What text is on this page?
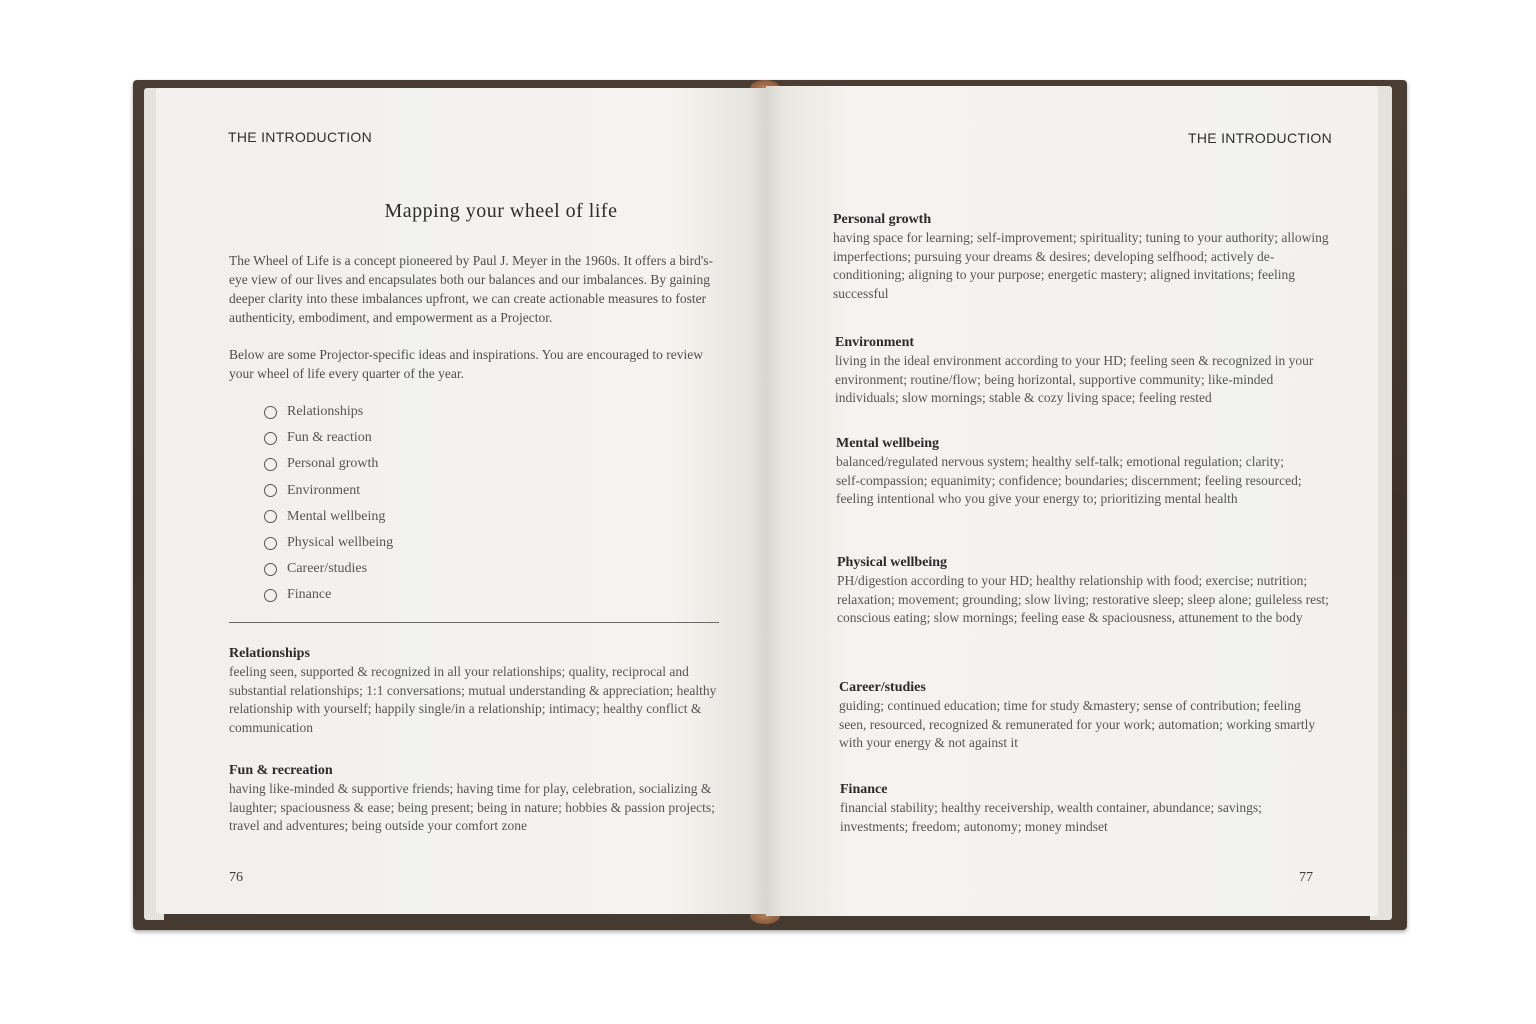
THE INTRODUCTION
Mapping your wheel of life
The Wheel of Life is a concept pioneered by Paul J. Meyer in the 1960s. It offers a bird's-eye view of our lives and encapsulates both our balances and our imbalances. By gaining deeper clarity into these imbalances upfront, we can create actionable measures to foster authenticity, embodiment, and empowerment as a Projector.
Below are some Projector-specific ideas and inspirations. You are encouraged to review your wheel of life every quarter of the year.
Relationships
Fun & reaction
Personal growth
Environment
Mental wellbeing
Physical wellbeing
Career/studies
Finance
Relationships

feeling seen, supported & recognized in all your relationships; quality, reciprocal and substantial relationships; 1:1 conversations; mutual understanding & appreciation; healthy relationship with yourself; happily single/in a relationship; intimacy; healthy conflict & communication

Fun & recreation

having like-minded & supportive friends; having time for play, celebration, socializing & laughter; spaciousness & ease; being present; being in nature; hobbies & passion projects; travel and adventures; being outside your comfort zone

76
THE INTRODUCTION
Personal growth

having space for learning; self-improvement; spirituality; tuning to your authority; allowing imperfections; pursuing your dreams & desires; developing selfhood; actively de-conditioning; aligning to your purpose; energetic mastery; aligned invitations; feeling successful

Environment

living in the ideal environment according to your HD; feeling seen & recognized in your environment; routine/flow; being horizontal, supportive community; like-minded individuals; slow mornings; stable & cozy living space; feeling rested

Mental wellbeing

balanced/regulated nervous system; healthy self-talk; emotional regulation; clarity; self-compassion; equanimity; confidence; boundaries; discernment; feeling resourced; feeling intentional who you give your energy to; prioritizing mental health

Physical wellbeing

PH/digestion according to your HD; healthy relationship with food; exercise; nutrition; relaxation; movement; grounding; slow living; restorative sleep; sleep alone; guileless rest; conscious eating; slow mornings; feeling ease & spaciousness, attunement to the body

Career/studies

guiding; continued education; time for study &mastery; sense of contribution; feeling seen, resourced, recognized & remunerated for your work; automation; working smartly with your energy & not against it

Finance

financial stability; healthy receivership, wealth container, abundance; savings; investments; freedom; autonomy; money mindset

77
